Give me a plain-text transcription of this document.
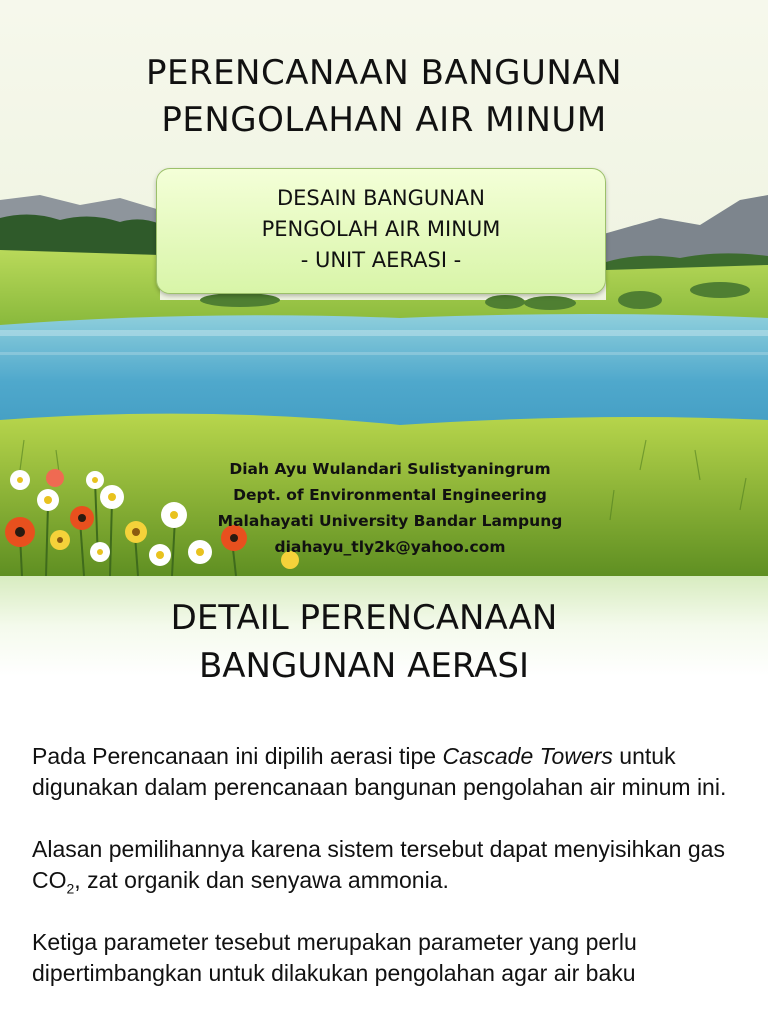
PERENCANAAN BANGUNAN
PENGOLAHAN AIR MINUM
DESAIN BANGUNAN
PENGOLAH AIR MINUM
- UNIT AERASI -
Diah Ayu Wulandari Sulistyaningrum
Dept. of Environmental Engineering
Malahayati University Bandar Lampung
diahayu_tly2k@yahoo.com
DETAIL PERENCANAAN
BANGUNAN AERASI

Pada Perencanaan ini dipilih aerasi tipe Cascade Towers untuk digunakan dalam perencanaan bangunan pengolahan air minum ini.

Alasan pemilihannya karena sistem tersebut dapat menyisihkan gas $CO_2$, zat organik dan senyawa ammonia.

Ketiga parameter tesebut merupakan parameter yang perlu dipertimbangkan untuk dilakukan pengolahan agar air baku
